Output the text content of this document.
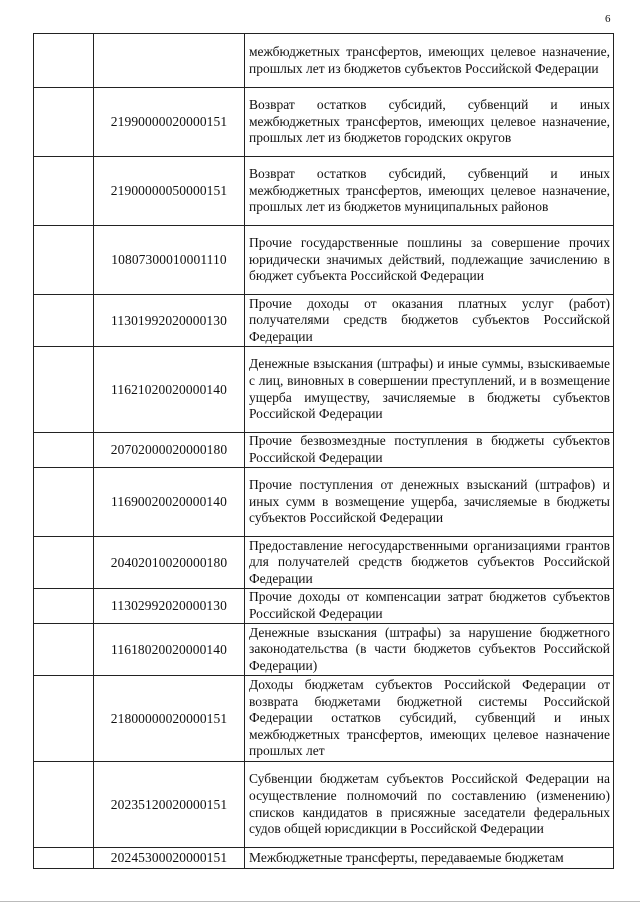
6
		межбюджетных трансфертов, имеющих целевое назначение, прошлых лет из бюджетов субъектов Российской Федерации
	21990000020000151	Возврат остатков субсидий, субвенций и иных межбюджетных трансфертов, имеющих целевое назначение, прошлых лет из бюджетов городских округов
	21900000050000151	Возврат остатков субсидий, субвенций и иных межбюджетных трансфертов, имеющих целевое назначение, прошлых лет из бюджетов муниципальных районов
	10807300010001110	Прочие государственные пошлины за совершение прочих юридически значимых действий, подлежащие зачислению в бюджет субъекта Российской Федерации
	11301992020000130	Прочие доходы от оказания платных услуг (работ) получателями средств бюджетов субъектов Российской Федерации
	11621020020000140	Денежные взыскания (штрафы) и иные суммы, взыскиваемые с лиц, виновных в совершении преступлений, и в возмещение ущерба имуществу, зачисляемые в бюджеты субъектов Российской Федерации
	20702000020000180	Прочие безвозмездные поступления в бюджеты субъектов Российской Федерации
	11690020020000140	Прочие поступления от денежных взысканий (штрафов) и иных сумм в возмещение ущерба, зачисляемые в бюджеты субъектов Российской Федерации
	20402010020000180	Предоставление негосударственными организациями грантов для получателей средств бюджетов субъектов Российской Федерации
	11302992020000130	Прочие доходы от компенсации затрат бюджетов субъектов Российской Федерации
	11618020020000140	Денежные взыскания (штрафы) за нарушение бюджетного законодательства (в части бюджетов субъектов Российской Федерации)
	21800000020000151	Доходы бюджетам субъектов Российской Федерации от возврата бюджетами бюджетной системы Российской Федерации остатков субсидий, субвенций и иных межбюджетных трансфертов, имеющих целевое назначение прошлых лет
	20235120020000151	Субвенции бюджетам субъектов Российской Федерации на осуществление полномочий по составлению (изменению) списков кандидатов в присяжные заседатели федеральных судов общей юрисдикции в Российской Федерации
	20245300020000151	Межбюджетные трансферты, передаваемые бюджетам
